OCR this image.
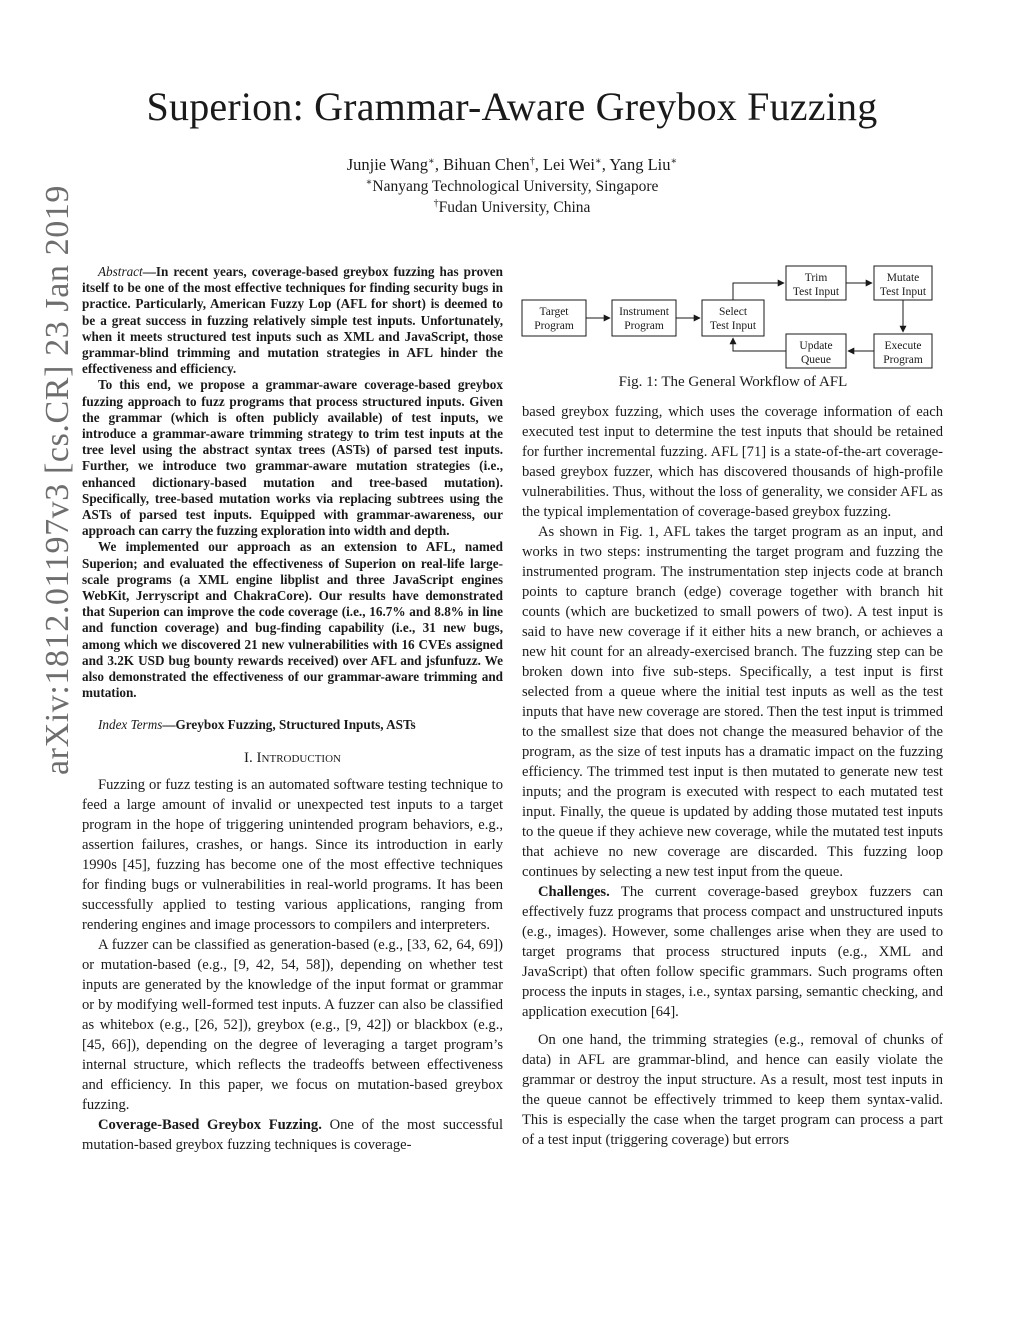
Superion: Grammar-Aware Greybox Fuzzing
Junjie Wang∗, Bihuan Chen†, Lei Wei∗, Yang Liu∗
∗Nanyang Technological University, Singapore
†Fudan University, China
arXiv:1812.01197v3 [cs.CR] 23 Jan 2019	Abstract—In recent years, coverage-based greybox fuzzing has proven itself to be one of the most effective techniques for finding security bugs in practice. Particularly, American Fuzzy Lop (AFL for short) is deemed to be a great success in fuzzing relatively simple test inputs. Unfortunately, when it meets structured test inputs such as XML and JavaScript, those grammar-blind trimming and mutation strategies in AFL hinder the effectiveness and efficiency.

To this end, we propose a grammar-aware coverage-based greybox fuzzing approach to fuzz programs that process structured inputs. Given the grammar (which is often publicly available) of test inputs, we introduce a grammar-aware trimming strategy to trim test inputs at the tree level using the abstract syntax trees (ASTs) of parsed test inputs. Further, we introduce two grammar-aware mutation strategies (i.e., enhanced dictionary-based mutation and tree-based mutation). Specifically, tree-based mutation works via replacing subtrees using the ASTs of parsed test inputs. Equipped with grammar-awareness, our approach can carry the fuzzing exploration into width and depth.

We implemented our approach as an extension to AFL, named Superion; and evaluated the effectiveness of Superion on real-life large-scale programs (a XML engine libplist and three JavaScript engines WebKit, Jerryscript and ChakraCore). Our results have demonstrated that Superion can improve the code coverage (i.e., 16.7% and 8.8% in line and function coverage) and bug-finding capability (i.e., 31 new bugs, among which we discovered 21 new vulnerabilities with 16 CVEs assigned and 3.2K USD bug bounty rewards received) over AFL and jsfunfuzz. We also demonstrated the effectiveness of our grammar-aware trimming and mutation.

Index Terms—Greybox Fuzzing, Structured Inputs, ASTs

I. Introduction

Fuzzing or fuzz testing is an automated software testing technique to feed a large amount of invalid or unexpected test inputs to a target program in the hope of triggering unintended program behaviors, e.g., assertion failures, crashes, or hangs. Since its introduction in early 1990s [45], fuzzing has become one of the most effective techniques for finding bugs or vulnerabilities in real-world programs. It has been successfully applied to testing various applications, ranging from rendering engines and image processors to compilers and interpreters.

A fuzzer can be classified as generation-based (e.g., [33, 62, 64, 69]) or mutation-based (e.g., [9, 42, 54, 58]), depending on whether test inputs are generated by the knowledge of the input format or grammar or by modifying well-formed test inputs. A fuzzer can also be classified as whitebox (e.g., [26, 52]), greybox (e.g., [9, 42]) or blackbox (e.g., [45, 66]), depending on the degree of leveraging a target program’s internal structure, which reflects the tradeoffs between effectiveness and efficiency. In this paper, we focus on mutation-based greybox fuzzing.

Coverage-Based Greybox Fuzzing. One of the most successful mutation-based greybox fuzzing techniques is coverage-

Target
Program
Instrument
Program
Select
Test Input
Trim
Test Input
Mutate
Test Input
Execute
Program
Update
Queue
Fig. 1: The General Workflow of AFL

based greybox fuzzing, which uses the coverage information of each executed test input to determine the test inputs that should be retained for further incremental fuzzing. AFL [71] is a state-of-the-art coverage-based greybox fuzzer, which has discovered thousands of high-profile vulnerabilities. Thus, without the loss of generality, we consider AFL as the typical implementation of coverage-based greybox fuzzing.

As shown in Fig. 1, AFL takes the target program as an input, and works in two steps: instrumenting the target program and fuzzing the instrumented program. The instrumentation step injects code at branch points to capture branch (edge) coverage together with branch hit counts (which are bucketized to small powers of two). A test input is said to have new coverage if it either hits a new branch, or achieves a new hit count for an already-exercised branch. The fuzzing step can be broken down into five sub-steps. Specifically, a test input is first selected from a queue where the initial test inputs as well as the test inputs that have new coverage are stored. Then the test input is trimmed to the smallest size that does not change the measured behavior of the program, as the size of test inputs has a dramatic impact on the fuzzing efficiency. The trimmed test input is then mutated to generate new test inputs; and the program is executed with respect to each mutated test input. Finally, the queue is updated by adding those mutated test inputs to the queue if they achieve new coverage, while the mutated test inputs that achieve no new coverage are discarded. This fuzzing loop continues by selecting a new test input from the queue.

Challenges. The current coverage-based greybox fuzzers can effectively fuzz programs that process compact and unstructured inputs (e.g., images). However, some challenges arise when they are used to target programs that process structured inputs (e.g., XML and JavaScript) that often follow specific grammars. Such programs often process the inputs in stages, i.e., syntax parsing, semantic checking, and application execution [64].

On one hand, the trimming strategies (e.g., removal of chunks of data) in AFL are grammar-blind, and hence can easily violate the grammar or destroy the input structure. As a result, most test inputs in the queue cannot be effectively trimmed to keep them syntax-valid. This is especially the case when the target program can process a part of a test input (triggering coverage) but errors
